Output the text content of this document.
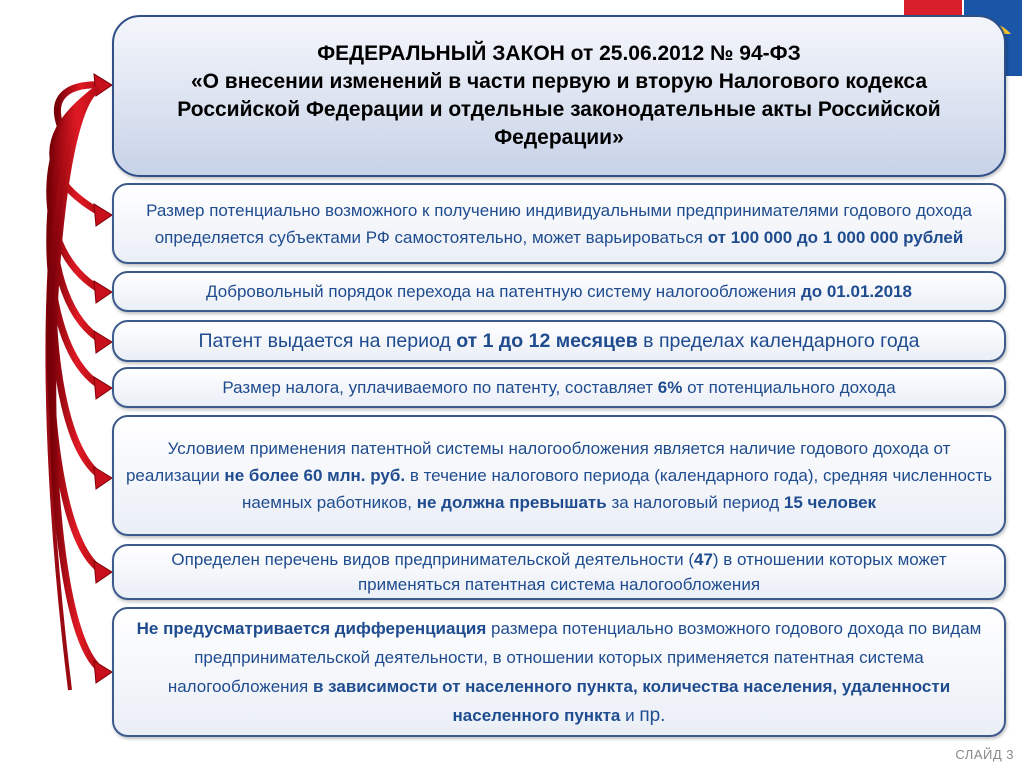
ФЕДЕРАЛЬНЫЙ ЗАКОН от 25.06.2012 № 94-ФЗ
«О внесении изменений в части первую и вторую Налогового кодекса
Российской Федерации и отдельные законодательные акты Российской
Федерации»
Размер потенциально возможного к получению индивидуальными предпринимателями годового дохода определяется субъектами РФ самостоятельно, может варьироваться от 100 000 до 1 000 000 рублей
Добровольный порядок перехода на патентную систему налогообложения до 01.01.2018
Патент выдается на период от 1 до 12 месяцев в пределах календарного года
Размер налога, уплачиваемого по патенту, составляет 6% от потенциального дохода
Условием применения патентной системы налогообложения является наличие годового дохода от реализации не более 60 млн. руб. в течение налогового периода (календарного года), средняя численность наемных работников, не должна превышать за налоговый период 15 человек
Определен перечень видов предпринимательской деятельности (47) в отношении которых может применяться патентная система налогообложения
Не предусматривается дифференциация размера потенциально возможного годового дохода по видам предпринимательской деятельности, в отношении которых применяется патентная система налогообложения в зависимости от населенного пункта, количества населения, удаленности населенного пункта и пр.
СЛАЙД 3
